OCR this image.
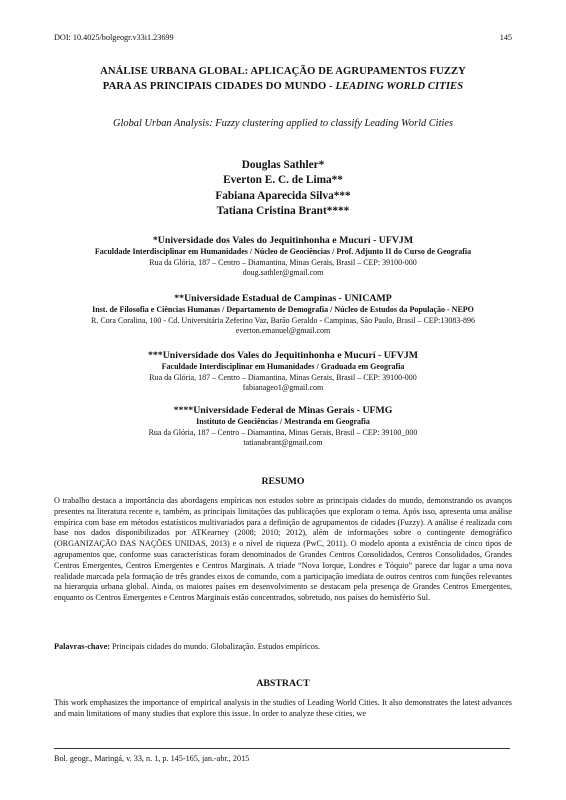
DOI: 10.4025/bolgeogr.v33i1.23699	145
ANÁLISE URBANA GLOBAL: APLICAÇÃO DE AGRUPAMENTOS FUZZY
PARA AS PRINCIPAIS CIDADES DO MUNDO - LEADING WORLD CITIES
Global Urban Analysis: Fuzzy clustering applied to classify Leading World Cities
Douglas Sathler*
Everton E. C. de Lima**
Fabiana Aparecida Silva***
Tatiana Cristina Brant****
*Universidade dos Vales do Jequitinhonha e Mucurí - UFVJM
Faculdade Interdisciplinar em Humanidades / Núcleo de Geociências / Prof. Adjunto II do Curso de Geografia
Rua da Glória, 187 – Centro – Diamantina, Minas Gerais, Brasil – CEP: 39100-000
doug.sathler@gmail.com
**Universidade Estadual de Campinas - UNICAMP
Inst. de Filosofia e Ciências Humanas / Departamento de Demografia / Núcleo de Estudos da População - NEPO
R. Cora Coralina, 100 - Cd. Universitária Zeferino Vaz, Barão Geraldo - Campinas, São Paulo, Brasil – CEP:13083-896
everton.emanuel@gmail.com
***Universidade dos Vales do Jequitinhonha e Mucurí - UFVJM
Faculdade Interdisciplinar em Humanidades / Graduada em Geografia
Rua da Glória, 187 – Centro – Diamantina, Minas Gerais, Brasil – CEP: 39100-000
fabianageo1@gmail.com
****Universidade Federal de Minas Gerais - UFMG
Instituto de Geociências / Mestranda em Geografia
Rua da Glória, 187 – Centro – Diamantina, Minas Gerais, Brasil – CEP: 39100_000
tatianabrant@gmail.com
RESUMO
O trabalho destaca a importância das abordagens empíricas nos estudos sobre as principais cidades do mundo, demonstrando os avanços presentes na literatura recente e, também, as principais limitações das publicações que exploram o tema. Após isso, apresenta uma análise empírica com base em métodos estatísticos multivariados para a definição de agrupamentos de cidades (Fuzzy). A análise é realizada com base nos dados disponibilizados por ATKearney (2008; 2010; 2012), além de informações sobre o contingente demográfico (ORGANIZAÇÃO DAS NAÇÕES UNIDAS, 2013) e o nível de riqueza (PwC, 2011). O modelo aponta a existência de cinco tipos de agrupamentos que, conforme suas características foram denominados de Grandes Centros Consolidados, Centros Consolidados, Grandes Centros Emergentes, Centros Emergentes e Centros Marginais. A tríade “Nova Iorque, Londres e Tóquio” parece dar lugar a uma nova realidade marcada pela formação de três grandes eixos de comando, com a participação imediata de outros centros com funções relevantes na hierarquia urbana global. Ainda, os maiores países em desenvolvimento se destacam pela presença de Grandes Centros Emergentes, enquanto os Centros Emergentes e Centros Marginais estão concentrados, sobretudo, nos países do hemisfério Sul.
Palavras-chave: Principais cidades do mundo. Globalização. Estudos empíricos.
ABSTRACT
This work emphasizes the importance of empirical analysis in the studies of Leading World Cities. It also demonstrates the latest advances and main limitations of many studies that explore this issue. In order to analyze these cities, we
Bol. geogr., Maringá, v. 33, n. 1, p. 145-165, jan.-abr., 2015
